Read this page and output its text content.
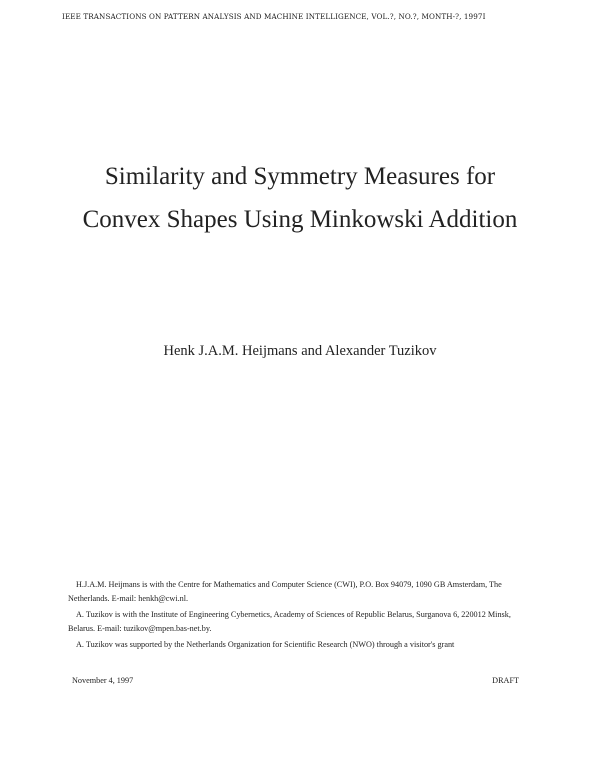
IEEE TRANSACTIONS ON PATTERN ANALYSIS AND MACHINE INTELLIGENCE, VOL.?, NO.?, MONTH-?, 1997I
Similarity and Symmetry Measures for
Convex Shapes Using Minkowski Addition
Henk J.A.M. Heijmans and Alexander Tuzikov

H.J.A.M. Heijmans is with the Centre for Mathematics and Computer Science (CWI), P.O. Box 94079, 1090 GB Amsterdam, The Netherlands. E-mail: henkh@cwi.nl.

A. Tuzikov is with the Institute of Engineering Cybernetics, Academy of Sciences of Republic Belarus, Surganova 6, 220012 Minsk, Belarus. E-mail: tuzikov@mpen.bas-net.by.

A. Tuzikov was supported by the Netherlands Organization for Scientific Research (NWO) through a visitor's grant

November 4, 1997	DRAFT
